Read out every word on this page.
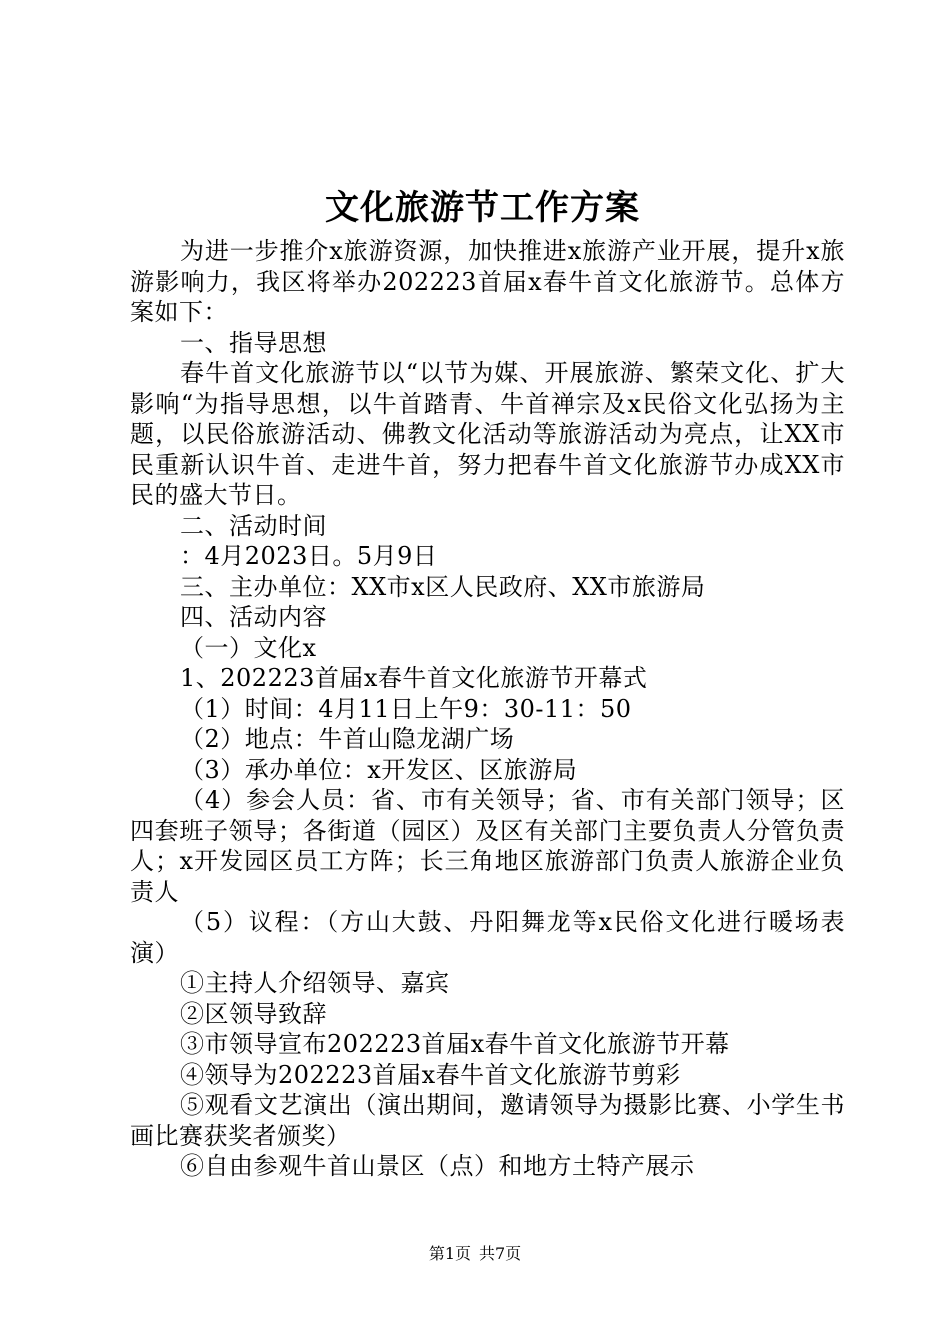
文化旅游节工作方案

为进一步推介x旅游资源，加快推进x旅游产业开展，提升x旅游影响力，我区将举办202223首届x春牛首文化旅游节。总体方案如下：

一、指导思想

春牛首文化旅游节以“以节为媒、开展旅游、繁荣文化、扩大影响“为指导思想，以牛首踏青、牛首禅宗及x民俗文化弘扬为主题，以民俗旅游活动、佛教文化活动等旅游活动为亮点，让XX市民重新认识牛首、走进牛首，努力把春牛首文化旅游节办成XX市民的盛大节日。

二、活动时间

：4月2023日。5月9日

三、主办单位：XX市x区人民政府、XX市旅游局

四、活动内容

（一）文化x

1、202223首届x春牛首文化旅游节开幕式

（1）时间：4月11日上午9：30-11：50

（2）地点：牛首山隐龙湖广场

（3）承办单位：x开发区、区旅游局

（4）参会人员：省、市有关领导；省、市有关部门领导；区四套班子领导；各街道（园区）及区有关部门主要负责人分管负责人；x开发园区员工方阵；长三角地区旅游部门负责人旅游企业负责人

（5）议程：（方山大鼓、丹阳舞龙等x民俗文化进行暖场表演）

①主持人介绍领导、嘉宾

②区领导致辞

③市领导宣布202223首届x春牛首文化旅游节开幕

④领导为202223首届x春牛首文化旅游节剪彩

⑤观看文艺演出（演出期间，邀请领导为摄影比赛、小学生书画比赛获奖者颁奖）

⑥自由参观牛首山景区（点）和地方土特产展示

第1页 共7页
